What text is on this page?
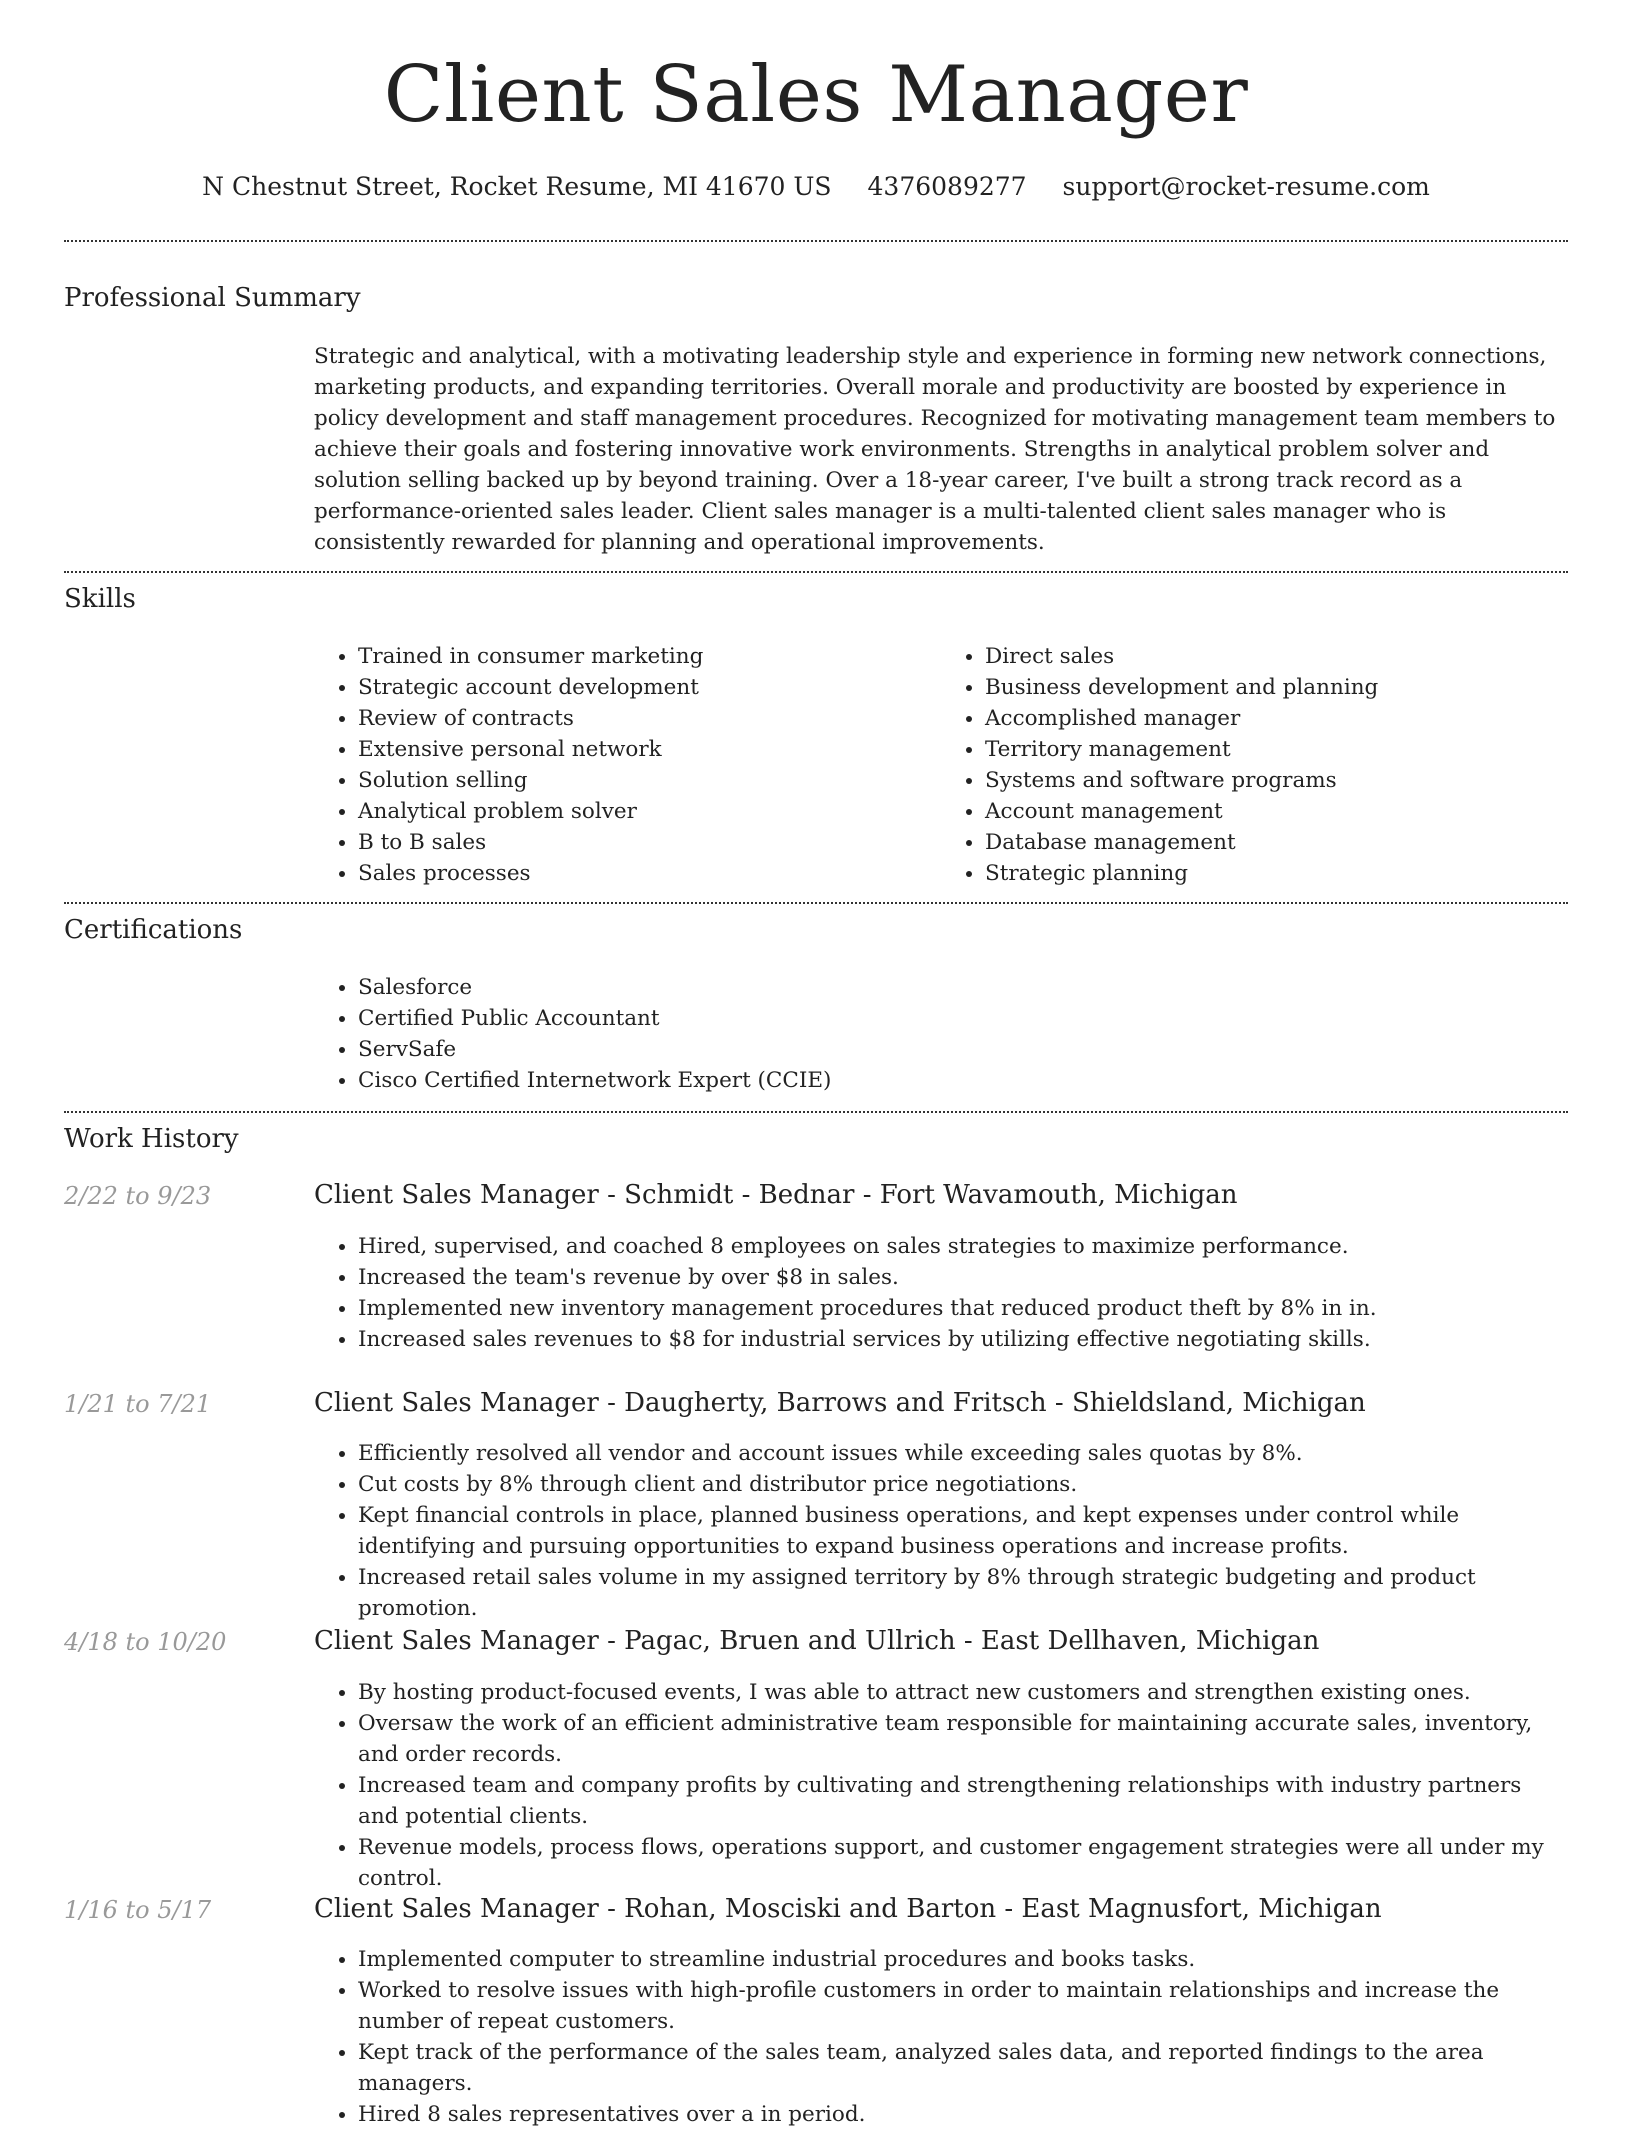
Client Sales Manager
N Chestnut Street, Rocket Resume, MI 41670 US 4376089277 support@rocket-resume.com
Professional Summary

Strategic and analytical, with a motivating leadership style and experience in forming new network connections, marketing products, and expanding territories. Overall morale and productivity are boosted by experience in policy development and staff management procedures. Recognized for motivating management team members to achieve their goals and fostering innovative work environments. Strengths in analytical problem solver and solution selling backed up by beyond training. Over a 18-year career, I've built a strong track record as a performance-oriented sales leader. Client sales manager is a multi-talented client sales manager who is consistently rewarded for planning and operational improvements.

Skills
• Trained in consumer marketing
• Strategic account development
• Review of contracts
• Extensive personal network
• Solution selling
• Analytical problem solver
• B to B sales
• Sales processes
• Direct sales
• Business development and planning
• Accomplished manager
• Territory management
• Systems and software programs
• Account management
• Database management
• Strategic planning
Certifications
• Salesforce
• Certified Public Accountant
• ServSafe
• Cisco Certified Internetwork Expert (CCIE)
Work History
2/22 to 9/23	Client Sales Manager - Schmidt - Bednar - Fort Wavamouth, Michigan
• Hired, supervised, and coached 8 employees on sales strategies to maximize performance.
• Increased the team's revenue by over $8 in sales.
• Implemented new inventory management procedures that reduced product theft by 8% in in.
• Increased sales revenues to $8 for industrial services by utilizing effective negotiating skills.
1/21 to 7/21	Client Sales Manager - Daugherty, Barrows and Fritsch - Shieldsland, Michigan
• Efficiently resolved all vendor and account issues while exceeding sales quotas by 8%.
• Cut costs by 8% through client and distributor price negotiations.
• Kept financial controls in place, planned business operations, and kept expenses under control while identifying and pursuing opportunities to expand business operations and increase profits.
• Increased retail sales volume in my assigned territory by 8% through strategic budgeting and product promotion.
4/18 to 10/20	Client Sales Manager - Pagac, Bruen and Ullrich - East Dellhaven, Michigan
• By hosting product-focused events, I was able to attract new customers and strengthen existing ones.
• Oversaw the work of an efficient administrative team responsible for maintaining accurate sales, inventory, and order records.
• Increased team and company profits by cultivating and strengthening relationships with industry partners and potential clients.
• Revenue models, process flows, operations support, and customer engagement strategies were all under my control.
1/16 to 5/17	Client Sales Manager - Rohan, Mosciski and Barton - East Magnusfort, Michigan
• Implemented computer to streamline industrial procedures and books tasks.
• Worked to resolve issues with high-profile customers in order to maintain relationships and increase the number of repeat customers.
• Kept track of the performance of the sales team, analyzed sales data, and reported findings to the area managers.
• Hired 8 sales representatives over a in period.
